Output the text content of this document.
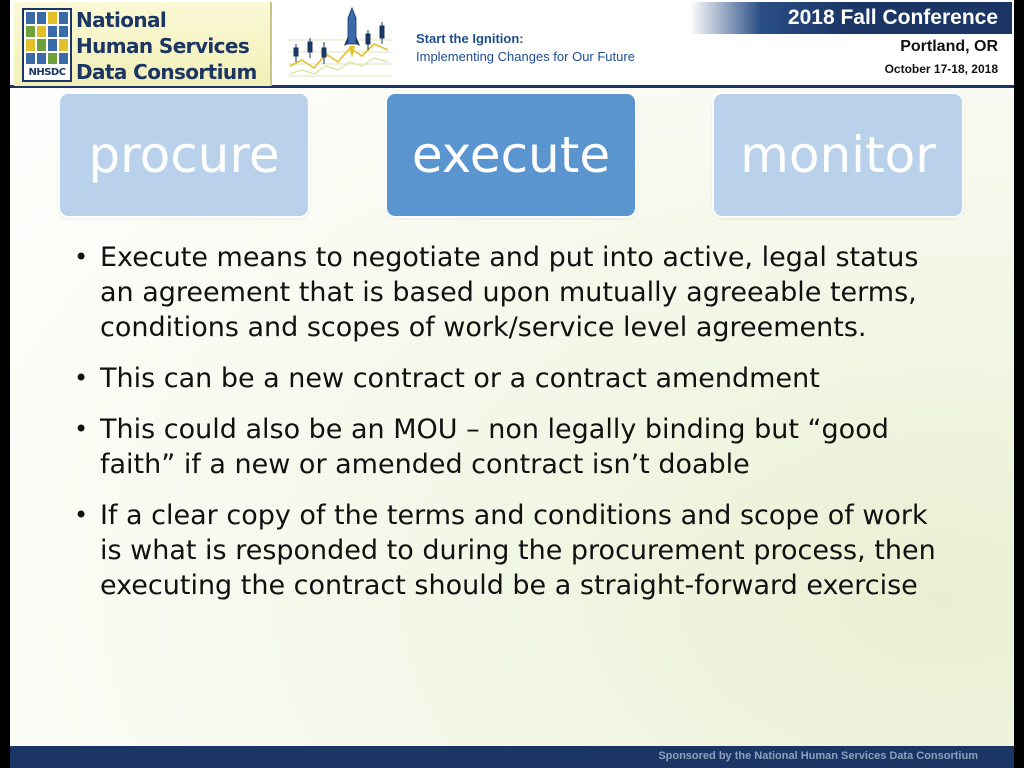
NHSDC
National
Human Services
Data Consortium
Start the Ignition:
Implementing Changes for Our Future
2018 Fall Conference
Portland, OR
October 17-18, 2018
procure	execute	monitor
• Execute means to negotiate and put into active, legal status an agreement that is based upon mutually agreeable terms, conditions and scopes of work/service level agreements.
• This can be a new contract or a contract amendment
• This could also be an MOU – non legally binding but “good faith” if a new or amended contract isn’t doable
• If a clear copy of the terms and conditions and scope of work is what is responded to during the procurement process, then executing the contract should be a straight-forward exercise
Sponsored by the National Human Services Data Consortium
